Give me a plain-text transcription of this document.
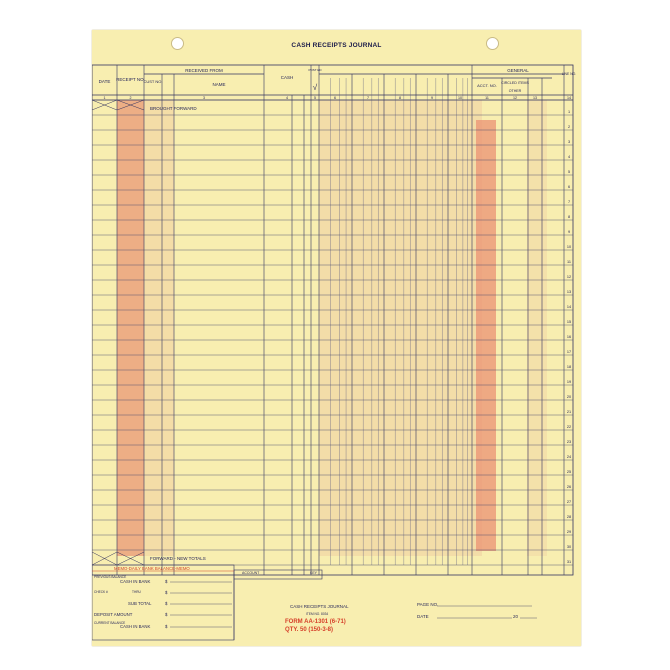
CASH RECEIPTS JOURNAL
DATE RECEIPT NO.
RECEIVED FROM
CUST NO.
NAME
CASH
POST ED
√
GENERAL
ACCT. NO. CIRCLED ITEMS
OTHER
LINE NO.
1	2	3	4	5	6	7	8	9	10	11	12	13	14
BROUGHT FORWARD
FORWARD - NEW TOTALS
1
2
3
4
5
6
7
8
9
10
11
12
13
14
15
16
17
18
19
20
21
22
23
24
25
26
27
28
29
30
31
MEMO-DAILY BANK BALANCE-MEMO
PREVIOUS BALANCE
CASH IN BANK	$
CHECK #	THRU	$
SUB TOTAL	$
DEPOSIT AMOUNT	$
CURRENT BALANCE
CASH IN BANK	$
ACCOUNT	KEY
CASH RECEIPTS JOURNAL
ITEM NO. 8034
FORM AA-1301 (6-71)
QTY. 50 (150-3-8)
PAGE NO.
DATE	20
